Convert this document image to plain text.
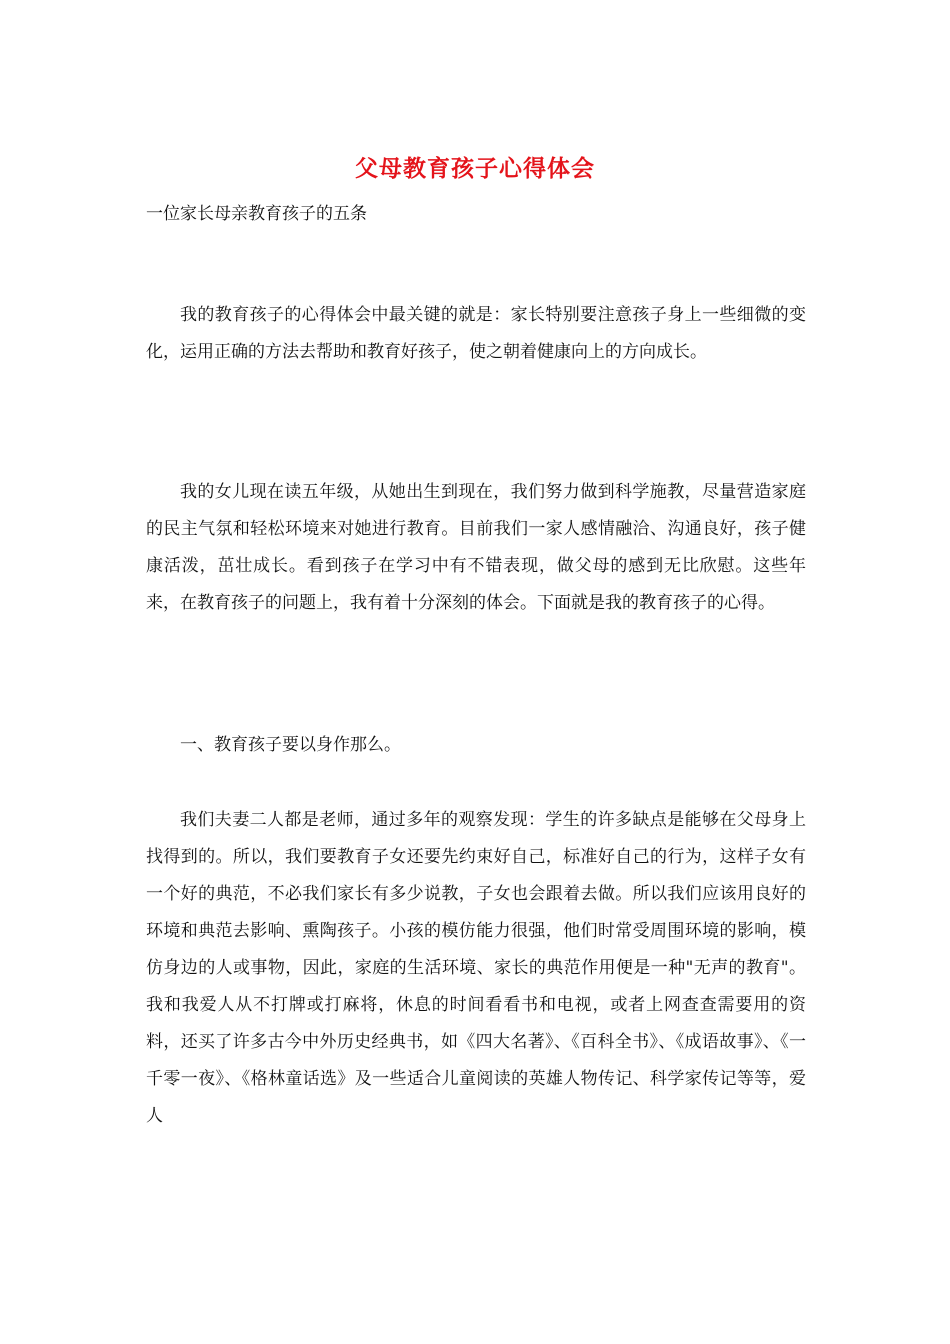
父母教育孩子心得体会
一位家长母亲教育孩子的五条

我的教育孩子的心得体会中最关键的就是：家长特别要注意孩子身上一些细微的变化，运用正确的方法去帮助和教育好孩子，使之朝着健康向上的方向成长。

我的女儿现在读五年级，从她出生到现在，我们努力做到科学施教，尽量营造家庭的民主气氛和轻松环境来对她进行教育。目前我们一家人感情融洽、沟通良好，孩子健康活泼，茁壮成长。看到孩子在学习中有不错表现，做父母的感到无比欣慰。这些年来，在教育孩子的问题上，我有着十分深刻的体会。下面就是我的教育孩子的心得。

一、教育孩子要以身作那么。

我们夫妻二人都是老师，通过多年的观察发现：学生的许多缺点是能够在父母身上找得到的。所以，我们要教育子女还要先约束好自己，标准好自己的行为，这样子女有一个好的典范，不必我们家长有多少说教，子女也会跟着去做。所以我们应该用良好的环境和典范去影响、熏陶孩子。小孩的模仿能力很强，他们时常受周围环境的影响，模仿身边的人或事物，因此，家庭的生活环境、家长的典范作用便是一种"无声的教育"。我和我爱人从不打牌或打麻将，休息的时间看看书和电视，或者上网查查需要用的资料，还买了许多古今中外历史经典书，如《四大名著》、《百科全书》、《成语故事》、《一千零一夜》、《格林童话选》及一些适合儿童阅读的英雄人物传记、科学家传记等等，爱人
